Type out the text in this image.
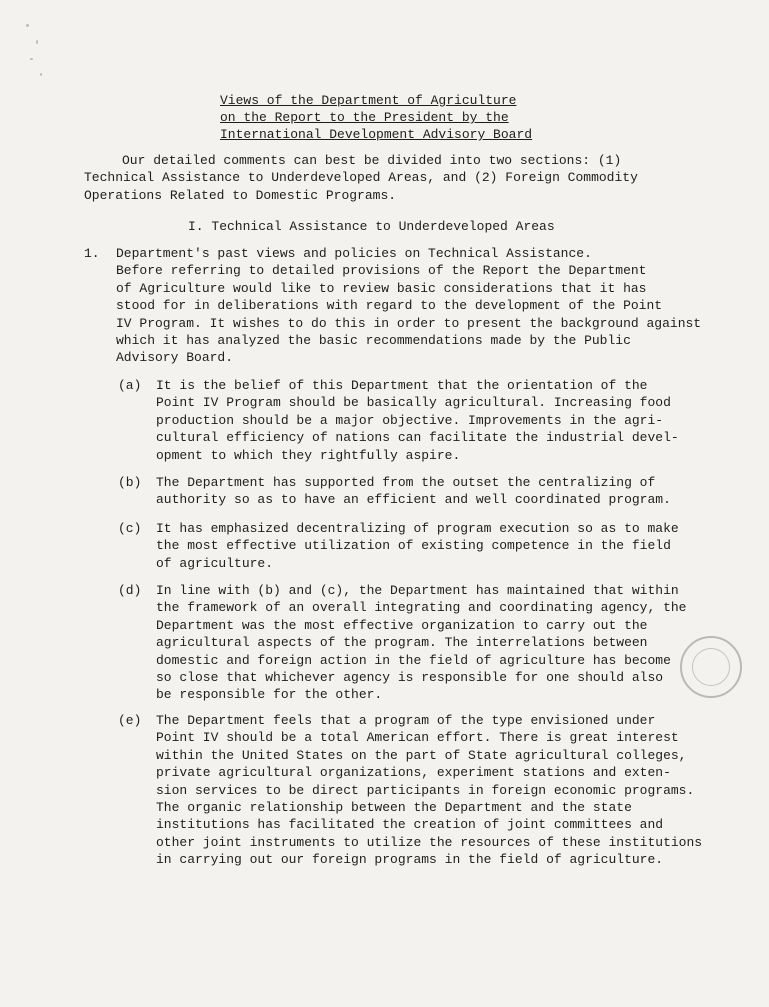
Views of the Department of Agriculture
on the Report to the President by the
International Development Advisory Board
Our detailed comments can best be divided into two sections: (1)
Technical Assistance to Underdeveloped Areas, and (2) Foreign Commodity
Operations Related to Domestic Programs.
I. Technical Assistance to Underdeveloped Areas
1. Department's past views and policies on Technical Assistance.
Before referring to detailed provisions of the Report the Department
of Agriculture would like to review basic considerations that it has
stood for in deliberations with regard to the development of the Point
IV Program. It wishes to do this in order to present the background against
which it has analyzed the basic recommendations made by the Public
Advisory Board.
(a) It is the belief of this Department that the orientation of the
Point IV Program should be basically agricultural. Increasing food
production should be a major objective. Improvements in the agri-
cultural efficiency of nations can facilitate the industrial devel-
opment to which they rightfully aspire.
(b) The Department has supported from the outset the centralizing of
authority so as to have an efficient and well coordinated program.
(c) It has emphasized decentralizing of program execution so as to make
the most effective utilization of existing competence in the field
of agriculture.
(d) In line with (b) and (c), the Department has maintained that within
the framework of an overall integrating and coordinating agency, the
Department was the most effective organization to carry out the
agricultural aspects of the program. The interrelations between
domestic and foreign action in the field of agriculture has become
so close that whichever agency is responsible for one should also
be responsible for the other.
(e) The Department feels that a program of the type envisioned under
Point IV should be a total American effort. There is great interest
within the United States on the part of State agricultural colleges,
private agricultural organizations, experiment stations and exten-
sion services to be direct participants in foreign economic programs.
The organic relationship between the Department and the state
institutions has facilitated the creation of joint committees and
other joint instruments to utilize the resources of these institutions
in carrying out our foreign programs in the field of agriculture.
